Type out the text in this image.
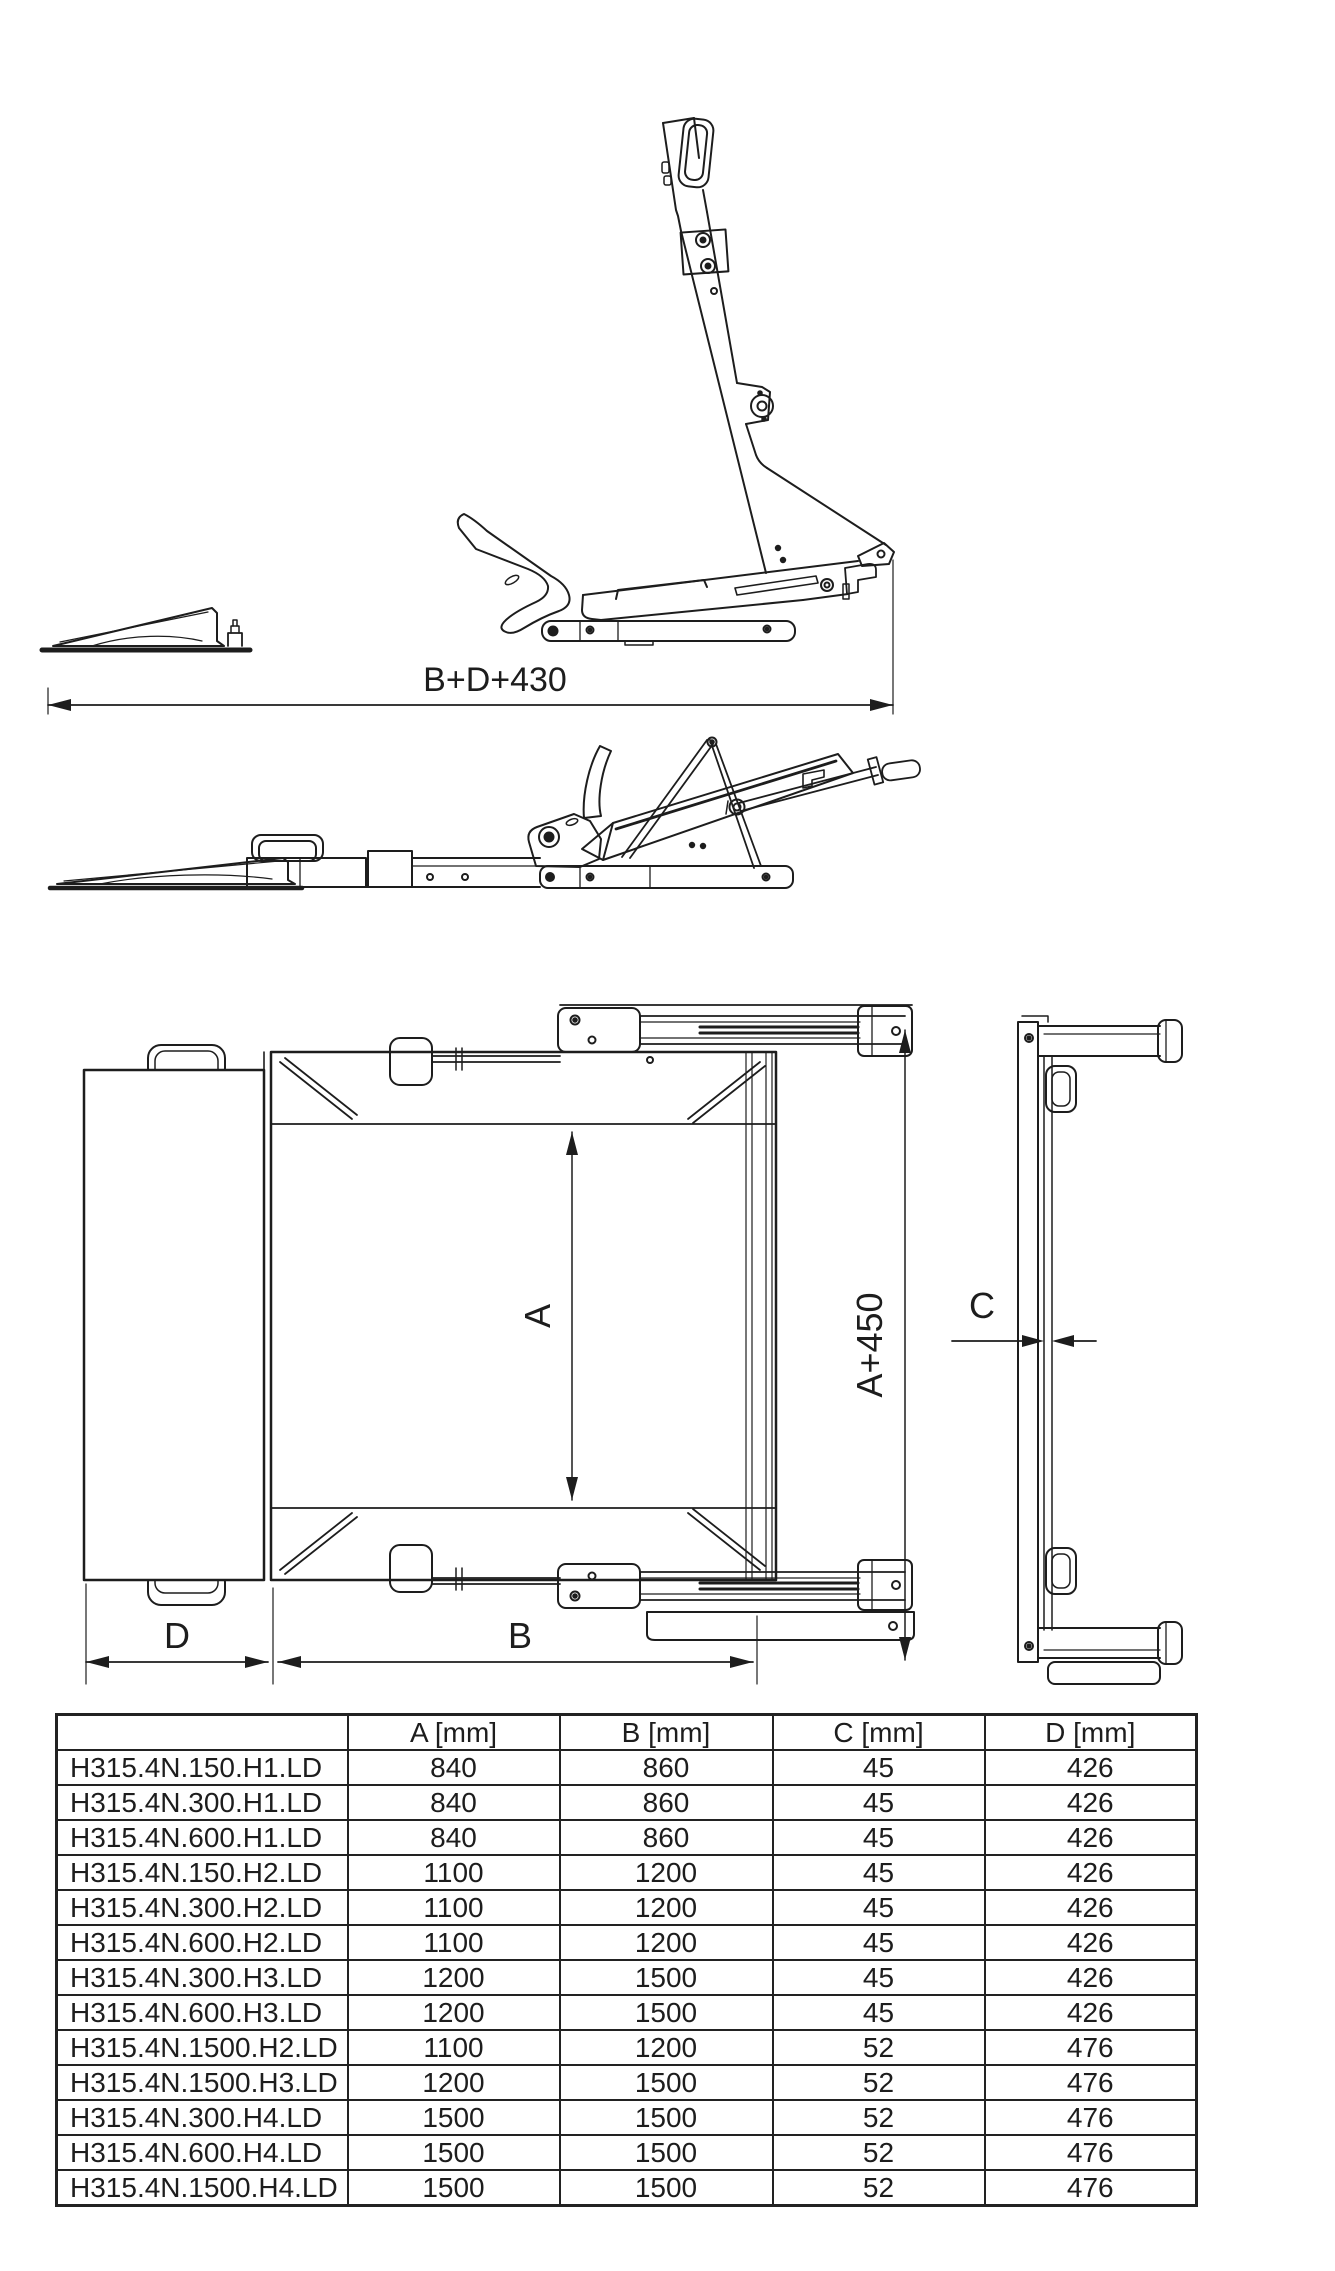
B+D+430
A	A+450
D	B
C
	A [mm]	B [mm]	C [mm]	D [mm]
H315.4N.150.H1.LD	840	860	45	426
H315.4N.300.H1.LD	840	860	45	426
H315.4N.600.H1.LD	840	860	45	426
H315.4N.150.H2.LD	1100	1200	45	426
H315.4N.300.H2.LD	1100	1200	45	426
H315.4N.600.H2.LD	1100	1200	45	426
H315.4N.300.H3.LD	1200	1500	45	426
H315.4N.600.H3.LD	1200	1500	45	426
H315.4N.1500.H2.LD	1100	1200	52	476
H315.4N.1500.H3.LD	1200	1500	52	476
H315.4N.300.H4.LD	1500	1500	52	476
H315.4N.600.H4.LD	1500	1500	52	476
H315.4N.1500.H4.LD	1500	1500	52	476
